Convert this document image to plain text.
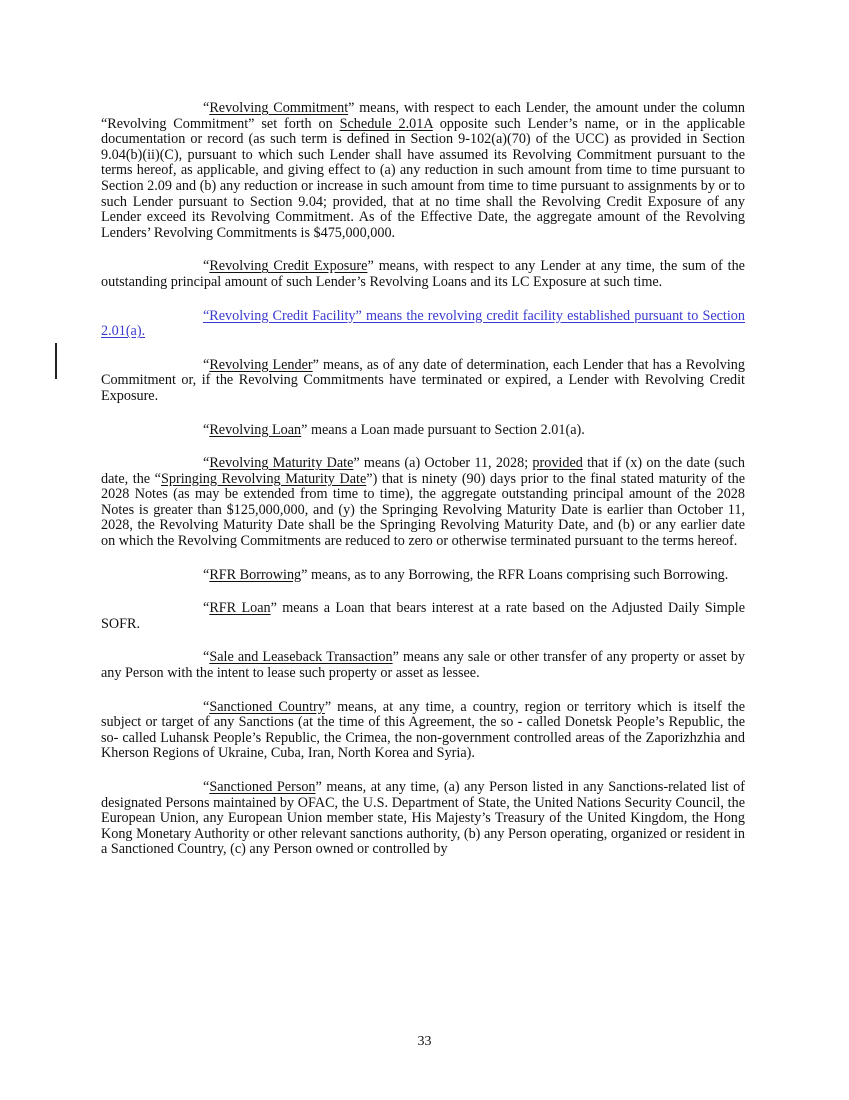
“Revolving Commitment” means, with respect to each Lender, the amount under the column “Revolving Commitment” set forth on Schedule 2.01A opposite such Lender’s name, or in the applicable documentation or record (as such term is defined in Section 9-102(a)(70) of the UCC) as provided in Section 9.04(b)(ii)(C), pursuant to which such Lender shall have assumed its Revolving Commitment pursuant to the terms hereof, as applicable, and giving effect to (a) any reduction in such amount from time to time pursuant to Section 2.09 and (b) any reduction or increase in such amount from time to time pursuant to assignments by or to such Lender pursuant to Section 9.04; provided, that at no time shall the Revolving Credit Exposure of any Lender exceed its Revolving Commitment. As of the Effective Date, the aggregate amount of the Revolving Lenders’ Revolving Commitments is $475,000,000.

“Revolving Credit Exposure” means, with respect to any Lender at any time, the sum of the outstanding principal amount of such Lender’s Revolving Loans and its LC Exposure at such time.

“Revolving Credit Facility” means the revolving credit facility established pursuant to Section 2.01(a).

“Revolving Lender” means, as of any date of determination, each Lender that has a Revolving Commitment or, if the Revolving Commitments have terminated or expired, a Lender with Revolving Credit Exposure.

“Revolving Loan” means a Loan made pursuant to Section 2.01(a).

“Revolving Maturity Date” means (a) October 11, 2028; provided that if (x) on the date (such date, the “Springing Revolving Maturity Date”) that is ninety (90) days prior to the final stated maturity of the 2028 Notes (as may be extended from time to time), the aggregate outstanding principal amount of the 2028 Notes is greater than $125,000,000, and (y) the Springing Revolving Maturity Date is earlier than October 11, 2028, the Revolving Maturity Date shall be the Springing Revolving Maturity Date, and (b) or any earlier date on which the Revolving Commitments are reduced to zero or otherwise terminated pursuant to the terms hereof.

“RFR Borrowing” means, as to any Borrowing, the RFR Loans comprising such Borrowing.

“RFR Loan” means a Loan that bears interest at a rate based on the Adjusted Daily Simple SOFR.

“Sale and Leaseback Transaction” means any sale or other transfer of any property or asset by any Person with the intent to lease such property or asset as lessee.

“Sanctioned Country” means, at any time, a country, region or territory which is itself the subject or target of any Sanctions (at the time of this Agreement, the so - called Donetsk People’s Republic, the so- called Luhansk People’s Republic, the Crimea, the non-government controlled areas of the Zaporizhzhia and Kherson Regions of Ukraine, Cuba, Iran, North Korea and Syria).

“Sanctioned Person” means, at any time, (a) any Person listed in any Sanctions-related list of designated Persons maintained by OFAC, the U.S. Department of State, the United Nations Security Council, the European Union, any European Union member state, His Majesty’s Treasury of the United Kingdom, the Hong Kong Monetary Authority or other relevant sanctions authority, (b) any Person operating, organized or resident in a Sanctioned Country, (c) any Person owned or controlled by

33
